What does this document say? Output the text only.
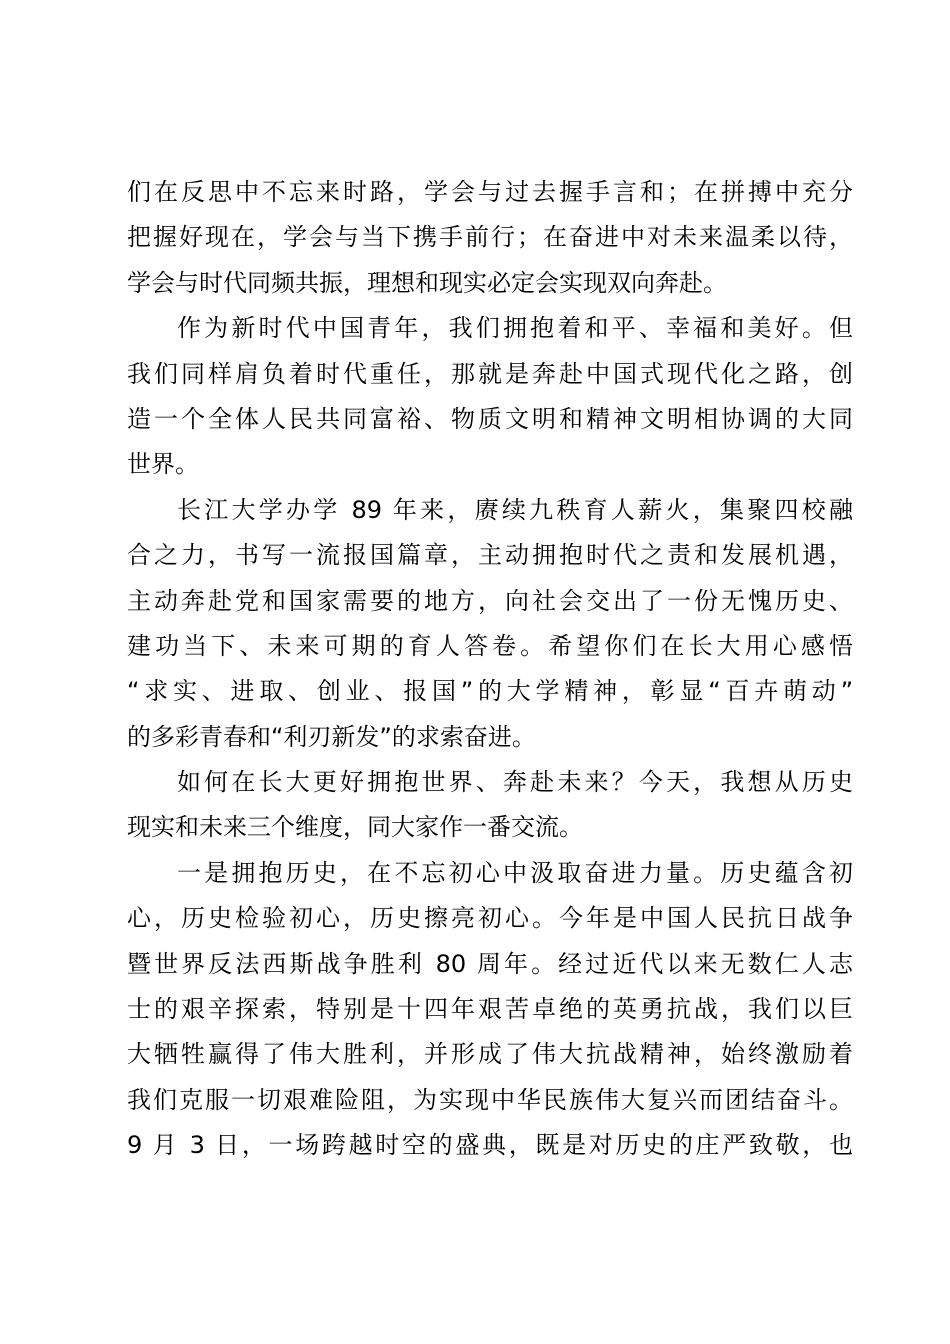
们在反思中不忘来时路，学会与过去握手言和；在拼搏中充分
把握好现在，学会与当下携手前行；在奋进中对未来温柔以待，
学会与时代同频共振，理想和现实必定会实现双向奔赴。
作为新时代中国青年，我们拥抱着和平、幸福和美好。但
我们同样肩负着时代重任，那就是奔赴中国式现代化之路，创
造一个全体人民共同富裕、物质文明和精神文明相协调的大同
世界。
长江大学办学 89 年来，赓续九秩育人薪火，集聚四校融
合之力，书写一流报国篇章，主动拥抱时代之责和发展机遇，
主动奔赴党和国家需要的地方，向社会交出了一份无愧历史、
建功当下、未来可期的育人答卷。希望你们在长大用心感悟
“求实、进取、创业、报国”的大学精神，彰显“百卉萌动”
的多彩青春和“利刃新发”的求索奋进。
如何在长大更好拥抱世界、奔赴未来？今天，我想从历史
现实和未来三个维度，同大家作一番交流。
一是拥抱历史，在不忘初心中汲取奋进力量。历史蕴含初
心，历史检验初心，历史擦亮初心。今年是中国人民抗日战争
暨世界反法西斯战争胜利 80 周年。经过近代以来无数仁人志
士的艰辛探索，特别是十四年艰苦卓绝的英勇抗战，我们以巨
大牺牲赢得了伟大胜利，并形成了伟大抗战精神，始终激励着
我们克服一切艰难险阻，为实现中华民族伟大复兴而团结奋斗。
9 月 3 日，一场跨越时空的盛典，既是对历史的庄严致敬，也
